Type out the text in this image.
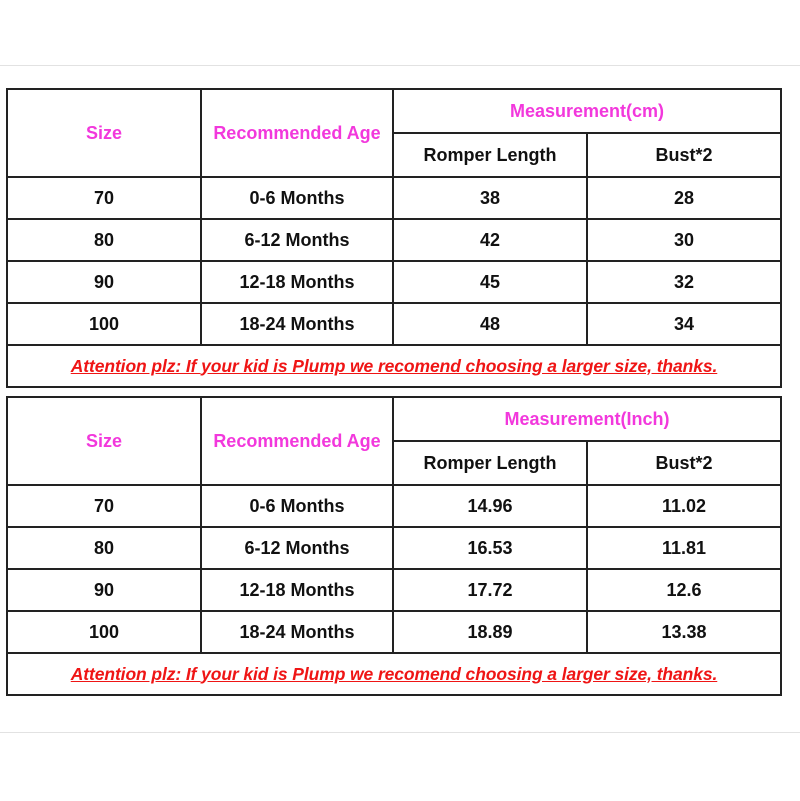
Size	Recommended Age	Measurement(cm)	
		Romper Length	Bust*2
70	0-6 Months	38	28
80	6-12 Months	42	30
90	12-18 Months	45	32
100	18-24 Months	48	34
Attention plz: If your kid is Plump we recomend choosing a larger size, thanks.			
Size	Recommended Age	Measurement(Inch)	
		Romper Length	Bust*2
70	0-6 Months	14.96	11.02
80	6-12 Months	16.53	11.81
90	12-18 Months	17.72	12.6
100	18-24 Months	18.89	13.38
Attention plz: If your kid is Plump we recomend choosing a larger size, thanks.			
